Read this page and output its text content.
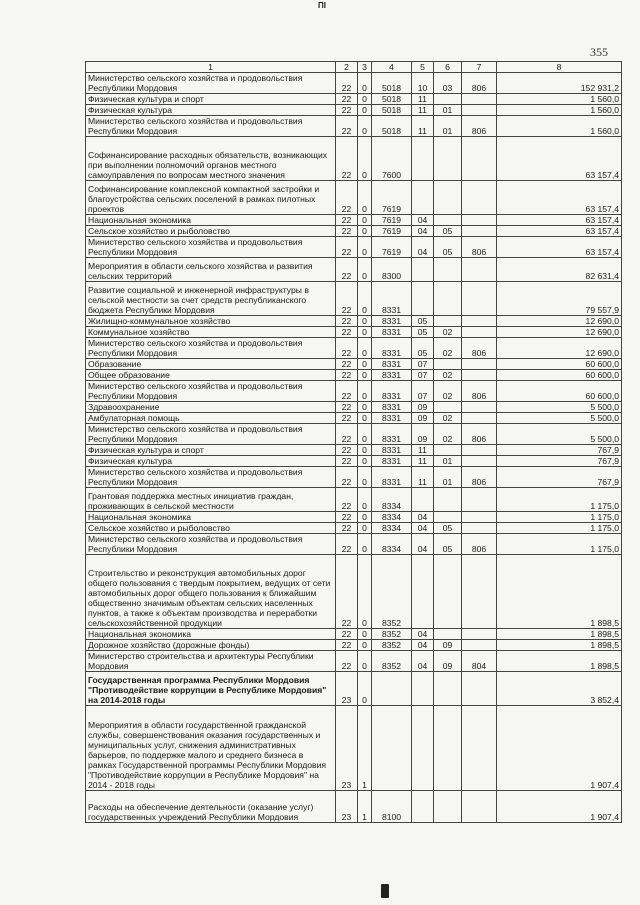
ΠΙ
355
1	2	3	4	5	6	7	8
Министерство сельского хозяйства и продовольствия Республики Мордовия	22	0	5018	10	03	806	152 931,2
Физическая культура и спорт	22	0	5018	11			1 560,0
Физическая культура	22	0	5018	11	01		1 560,0
Министерство сельского хозяйства и продовольствия Республики Мордовия	22	0	5018	11	01	806	1 560,0
Софинансирование расходных обязательств, возникающих при выполнении полномочий органов местного самоуправления по вопросам местного значения	22	0	7600				63 157,4
Софинансирование комплексной компактной застройки и благоустройства сельских поселений в рамках пилотных проектов	22	0	7619				63 157,4
Национальная экономика	22	0	7619	04			63 157,4
Сельское хозяйство и рыболовство	22	0	7619	04	05		63 157,4
Министерство сельского хозяйства и продовольствия Республики Мордовия	22	0	7619	04	05	806	63 157,4
Мероприятия в области сельского хозяйства и развития сельских территорий	22	0	8300				82 631,4
Развитие социальной и инженерной инфраструктуры в сельской местности за счет средств республиканского бюджета Республики Мордовия	22	0	8331				79 557,9
Жилищно-коммунальное хозяйство	22	0	8331	05			12 690,0
Коммунальное хозяйство	22	0	8331	05	02		12 690,0
Министерство сельского хозяйства и продовольствия Республики Мордовия	22	0	8331	05	02	806	12 690,0
Образование	22	0	8331	07			60 600,0
Общее образование	22	0	8331	07	02		60 600,0
Министерство сельского хозяйства и продовольствия Республики Мордовия	22	0	8331	07	02	806	60 600,0
Здравоохранение	22	0	8331	09			5 500,0
Амбулаторная помощь	22	0	8331	09	02		5 500,0
Министерство сельского хозяйства и продовольствия Республики Мордовия	22	0	8331	09	02	806	5 500,0
Физическая культура и спорт	22	0	8331	11			767,9
Физическая культура	22	0	8331	11	01		767,9
Министерство сельского хозяйства и продовольствия Республики Мордовия	22	0	8331	11	01	806	767,9
Грантовая поддержка местных инициатив граждан, проживающих в сельской местности	22	0	8334				1 175,0
Национальная экономика	22	0	8334	04			1 175,0
Сельское хозяйство и рыболовство	22	0	8334	04	05		1 175,0
Министерство сельского хозяйства и продовольствия Республики Мордовия	22	0	8334	04	05	806	1 175,0
Строительство и реконструкция автомобильных дорог общего пользования с твердым покрытием, ведущих от сети автомобильных дорог общего пользования к ближайшим общественно значимым объектам сельских населенных пунктов, а также к объектам производства и переработки сельскохозяйственной продукции	22	0	8352				1 898,5
Национальная экономика	22	0	8352	04			1 898,5
Дорожное хозяйство (дорожные фонды)	22	0	8352	04	09		1 898,5
Министерство строительства и архитектуры Республики Мордовия	22	0	8352	04	09	804	1 898,5
Государственная программа Республики Мордовия "Противодействие коррупции в Республике Мордовия" на 2014-2018 годы	23	0					3 852,4
Мероприятия в области государственной гражданской службы, совершенствования оказания государственных и муниципальных услуг, снижения административных барьеров, по поддержке малого и среднего бизнеса в рамках Государственной программы Республики Мордовия "Противодействие коррупции в Республике Мордовия" на 2014 - 2018 годы	23	1					1 907,4
Расходы на обеспечение деятельности (оказание услуг) государственных учреждений Республики Мордовия	23	1	8100				1 907,4
